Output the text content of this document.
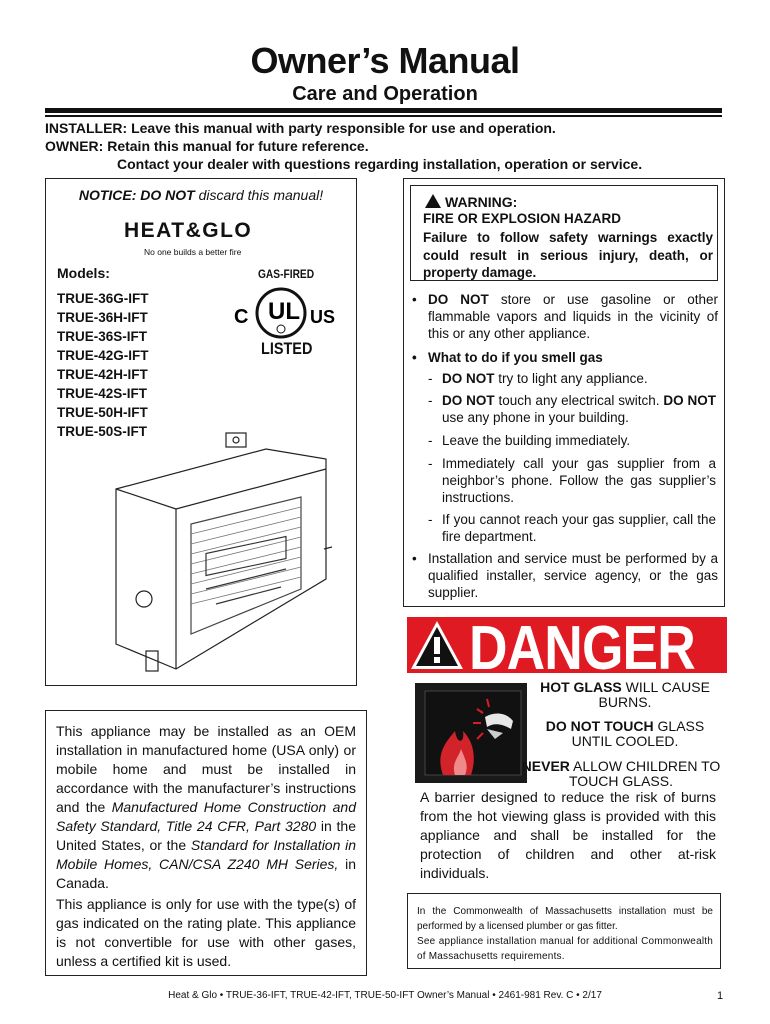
Owner’s Manual
Care and Operation
INSTALLER: Leave this manual with party responsible for use and operation.
OWNER: Retain this manual for future reference.
Contact your dealer with questions regarding installation, operation or service.
NOTICE: DO NOT discard this manual!
HEAT&GLO
No one builds a better fire
Models:	GAS-FIRED
TRUE-36G-IFT
TRUE-36H-IFT
TRUE-36S-IFT
TRUE-42G-IFT
TRUE-42H-IFT
TRUE-42S-IFT
TRUE-50H-IFT
TRUE-50S-IFT
C UL US
LISTED
WARNING:
FIRE OR EXPLOSION HAZARD
Failure to follow safety warnings exactly could result in serious injury, death, or property damage.
• DO NOT store or use gasoline or other flammable vapors and liquids in the vicinity of this or any other appliance.
• What to do if you smell gas
- DO NOT try to light any appliance.
- DO NOT touch any electrical switch. DO NOT use any phone in your building.
- Leave the building immediately.
- Immediately call your gas supplier from a neighbor’s phone. Follow the gas supplier’s instructions.
- If you cannot reach your gas supplier, call the fire department.
• Installation and service must be performed by a qualified installer, service agency, or the gas supplier.
DANGER
HOT GLASS WILL CAUSE BURNS.
DO NOT TOUCH GLASS UNTIL COOLED.
NEVER ALLOW CHILDREN TO TOUCH GLASS.
A barrier designed to reduce the risk of burns from the hot viewing glass is provided with this appliance and shall be installed for the protection of children and other at-risk individuals.
This appliance may be installed as an OEM installation in manufactured home (USA only) or mobile home and must be installed in accordance with the manufacturer’s instructions and the Manufactured Home Construction and Safety Standard, Title 24 CFR, Part 3280 in the United States, or the Standard for Installation in Mobile Homes, CAN/CSA Z240 MH Series, in Canada.
This appliance is only for use with the type(s) of gas indicated on the rating plate. This appliance is not convertible for use with other gases, unless a certified kit is used.
In the Commonwealth of Massachusetts installation must be performed by a licensed plumber or gas fitter.
See appliance installation manual for additional Commonwealth of Massachusetts requirements.
Heat & Glo • TRUE-36-IFT, TRUE-42-IFT, TRUE-50-IFT Owner’s Manual • 2461-981 Rev. C • 2/17	1
